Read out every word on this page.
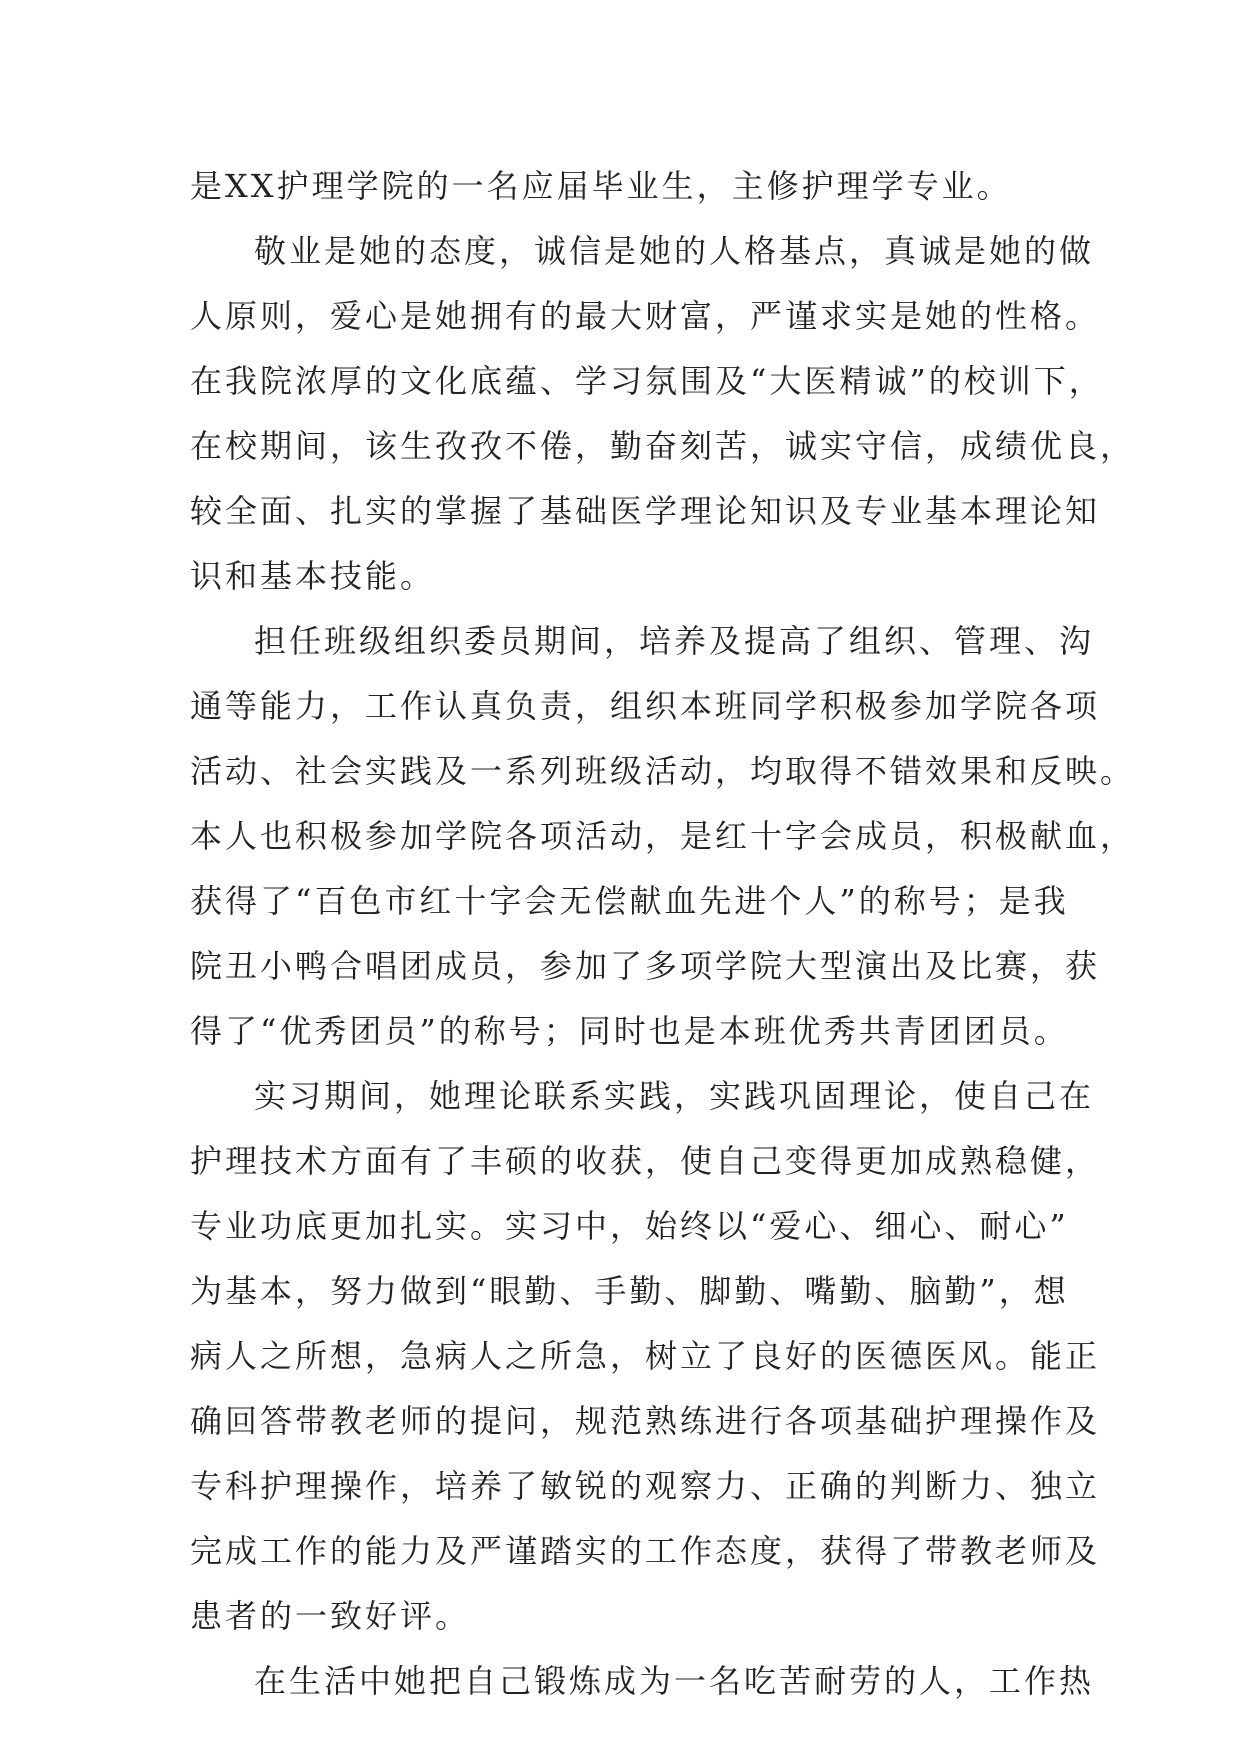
是XX护理学院的一名应届毕业生，主修护理学专业。
敬业是她的态度，诚信是她的人格基点，真诚是她的做
人原则，爱心是她拥有的最大财富，严谨求实是她的性格。
在我院浓厚的文化底蕴、学习氛围及“大医精诚”的校训下，
在校期间，该生孜孜不倦，勤奋刻苦，诚实守信，成绩优良，
较全面、扎实的掌握了基础医学理论知识及专业基本理论知
识和基本技能。
担任班级组织委员期间，培养及提高了组织、管理、沟
通等能力，工作认真负责，组织本班同学积极参加学院各项
活动、社会实践及一系列班级活动，均取得不错效果和反映。
本人也积极参加学院各项活动，是红十字会成员，积极献血，
获得了“百色市红十字会无偿献血先进个人”的称号；是我
院丑小鸭合唱团成员，参加了多项学院大型演出及比赛，获
得了“优秀团员”的称号；同时也是本班优秀共青团团员。
实习期间，她理论联系实践，实践巩固理论，使自己在
护理技术方面有了丰硕的收获，使自己变得更加成熟稳健，
专业功底更加扎实。实习中，始终以“爱心、细心、耐心”
为基本，努力做到“眼勤、手勤、脚勤、嘴勤、脑勤”，想
病人之所想，急病人之所急，树立了良好的医德医风。能正
确回答带教老师的提问，规范熟练进行各项基础护理操作及
专科护理操作，培养了敏锐的观察力、正确的判断力、独立
完成工作的能力及严谨踏实的工作态度，获得了带教老师及
患者的一致好评。
在生活中她把自己锻炼成为一名吃苦耐劳的人，工作热
